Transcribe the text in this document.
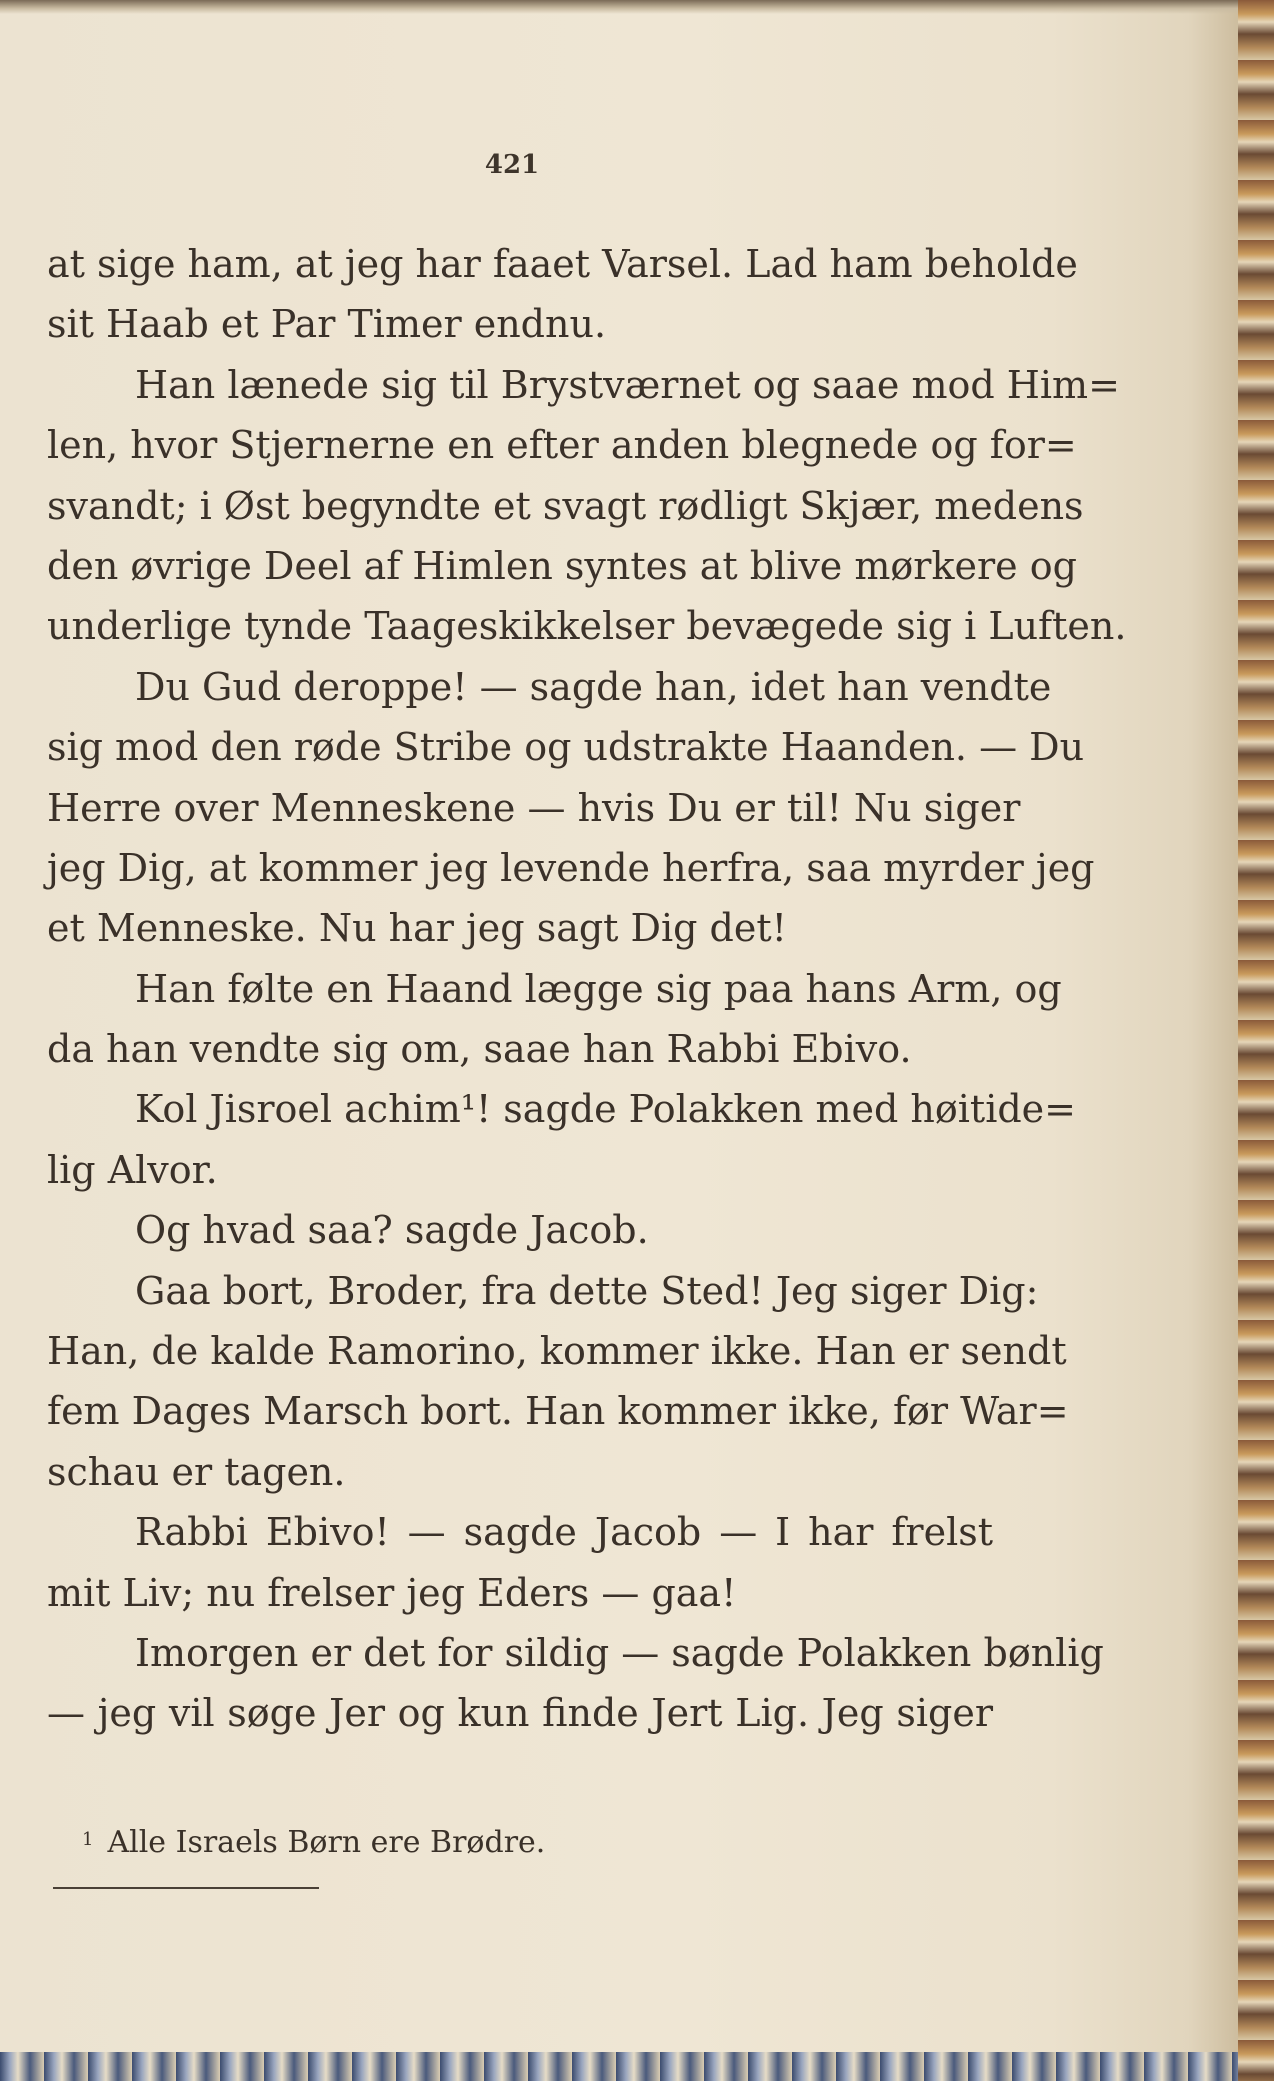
421
at sige ham, at jeg har faaet Varsel. Lad ham beholde
sit Haab et Par Timer endnu.
Han lænede sig til Brystværnet og saae mod Him=
len, hvor Stjernerne en efter anden blegnede og for=
svandt; i Øst begyndte et svagt rødligt Skjær, medens
den øvrige Deel af Himlen syntes at blive mørkere og
underlige tynde Taageskikkelser bevægede sig i Luften.
Du Gud deroppe! — sagde han, idet han vendte
sig mod den røde Stribe og udstrakte Haanden. — Du
Herre over Menneskene — hvis Du er til! Nu siger
jeg Dig, at kommer jeg levende herfra, saa myrder jeg
et Menneske. Nu har jeg sagt Dig det!
Han følte en Haand lægge sig paa hans Arm, og
da han vendte sig om, saae han Rabbi Ebivo.
Kol Jisroel achim¹! sagde Polakken med høitide=
lig Alvor.
Og hvad saa? sagde Jacob.
Gaa bort, Broder, fra dette Sted! Jeg siger Dig:
Han, de kalde Ramorino, kommer ikke. Han er sendt
fem Dages Marsch bort. Han kommer ikke, før War=
schau er tagen.
Rabbi Ebivo! — sagde Jacob — I har frelst
mit Liv; nu frelser jeg Eders — gaa!
Imorgen er det for sildig — sagde Polakken bønlig
— jeg vil søge Jer og kun finde Jert Lig. Jeg siger
$^1$ Alle Israels Børn ere Brødre.
